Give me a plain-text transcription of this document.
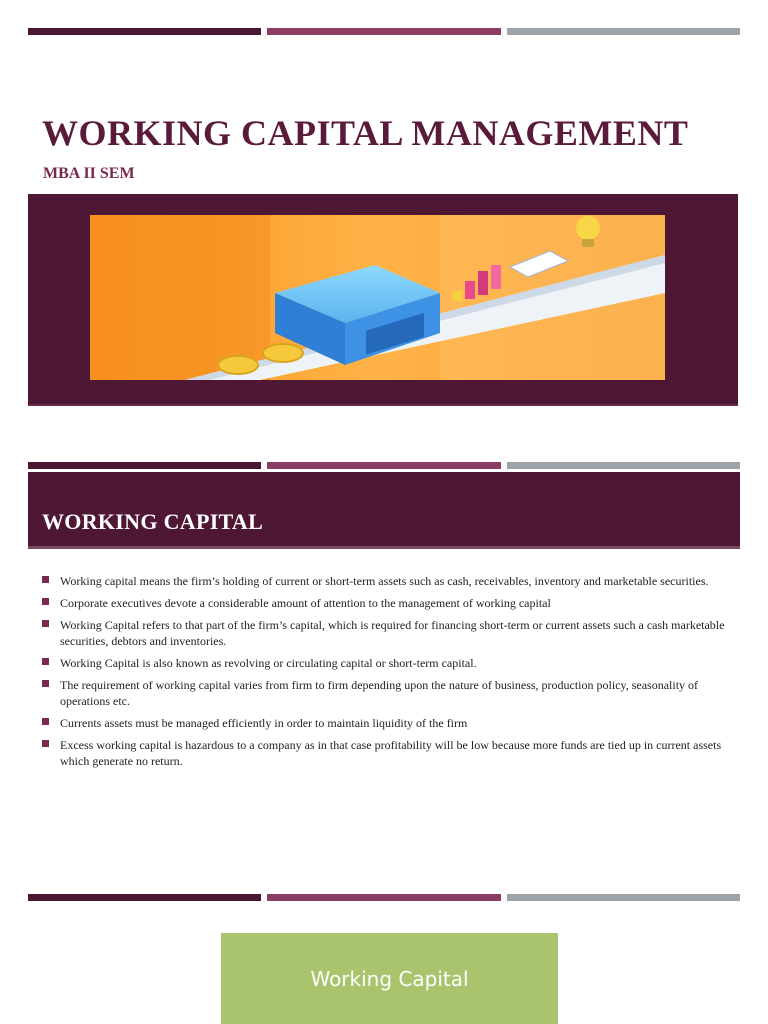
WORKING CAPITAL MANAGEMENT
MBA II SEM
WORKING CAPITAL
Working capital means the firm’s holding of current or short-term assets such as cash, receivables, inventory and marketable securities.
Corporate executives devote a considerable amount of attention to the management of working capital
Working Capital refers to that part of the firm’s capital, which is required for financing short-term or current assets such a cash marketable securities, debtors and inventories.
Working Capital is also known as revolving or circulating capital or short-term capital.
The requirement of working capital varies from firm to firm depending upon the nature of business, production policy, seasonality of operations etc.
Currents assets must be managed efficiently in order to maintain liquidity of the firm
Excess working capital is hazardous to a company as in that case profitability will be low because more funds are tied up in current assets which generate no return.
Working Capital
